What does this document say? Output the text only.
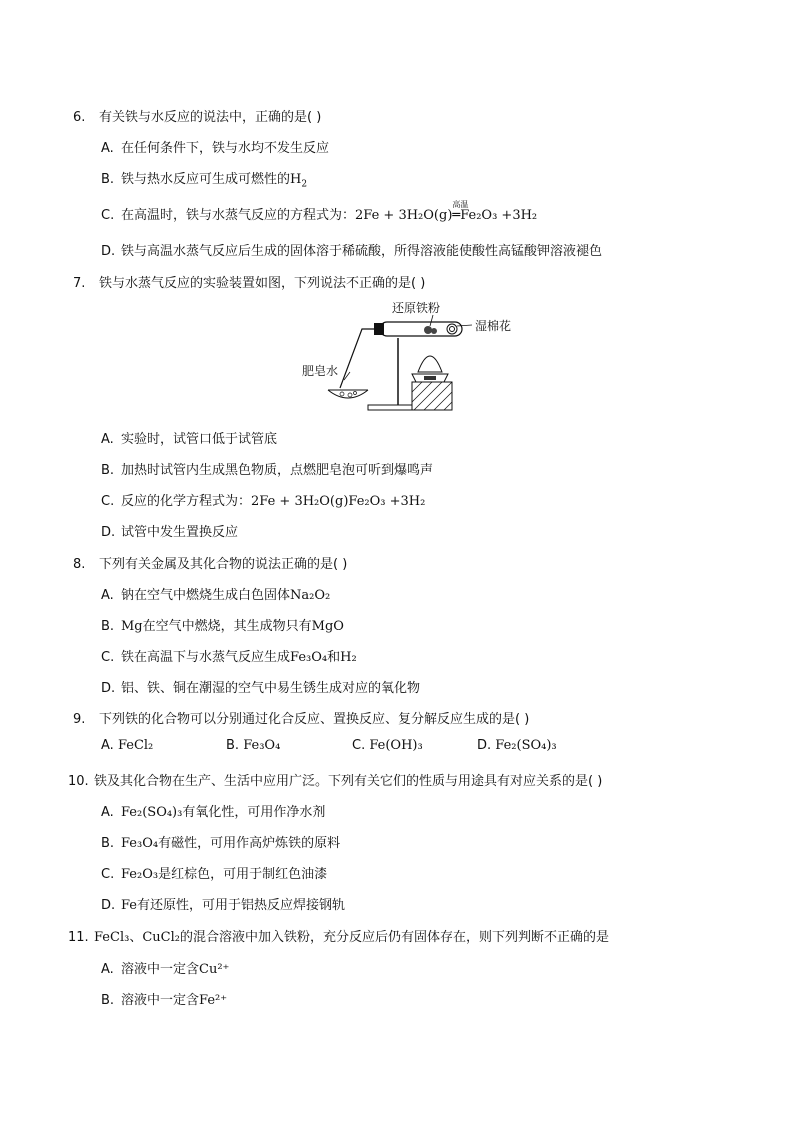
6. 有关铁与水反应的说法中，正确的是( )
A. 在任何条件下，铁与水均不发生反应
B. 铁与热水反应可生成可燃性的$H_2$
C. 在高温时，铁与水蒸气反应的方程式为：2Fe + 3H₂O(g)
高温
═Fe₂O₃ +3H₂
D. 铁与高温水蒸气反应后生成的固体溶于稀硫酸，所得溶液能使酸性高锰酸钾溶液褪色
7. 铁与水蒸气反应的实验装置如图，下列说法不正确的是( )
还原铁粉
湿棉花
肥皂水
A. 实验时，试管口低于试管底
B. 加热时试管内生成黑色物质，点燃肥皂泡可听到爆鸣声
C. 反应的化学方程式为：2Fe + 3H₂O(g)Fe₂O₃ +3H₂
D. 试管中发生置换反应
8. 下列有关金属及其化合物的说法正确的是( )
A. 钠在空气中燃烧生成白色固体Na₂O₂
B. Mg在空气中燃烧，其生成物只有MgO
C. 铁在高温下与水蒸气反应生成Fe₃O₄和H₂
D. 铝、铁、铜在潮湿的空气中易生锈生成对应的氧化物
9. 下列铁的化合物可以分别通过化合反应、置换反应、复分解反应生成的是( )
A. FeCl₂	B. Fe₃O₄	C. Fe(OH)₃	D. Fe₂(SO₄)₃
10. 铁及其化合物在生产、生活中应用广泛。下列有关它们的性质与用途具有对应关系的是( )
A. Fe₂(SO₄)₃有氧化性，可用作净水剂
B. Fe₃O₄有磁性，可用作高炉炼铁的原料
C. Fe₂O₃是红棕色，可用于制红色油漆
D. Fe有还原性，可用于铝热反应焊接钢轨
11. FeCl₃、CuCl₂的混合溶液中加入铁粉，充分反应后仍有固体存在，则下列判断不正确的是
A. 溶液中一定含Cu²⁺
B. 溶液中一定含Fe²⁺
